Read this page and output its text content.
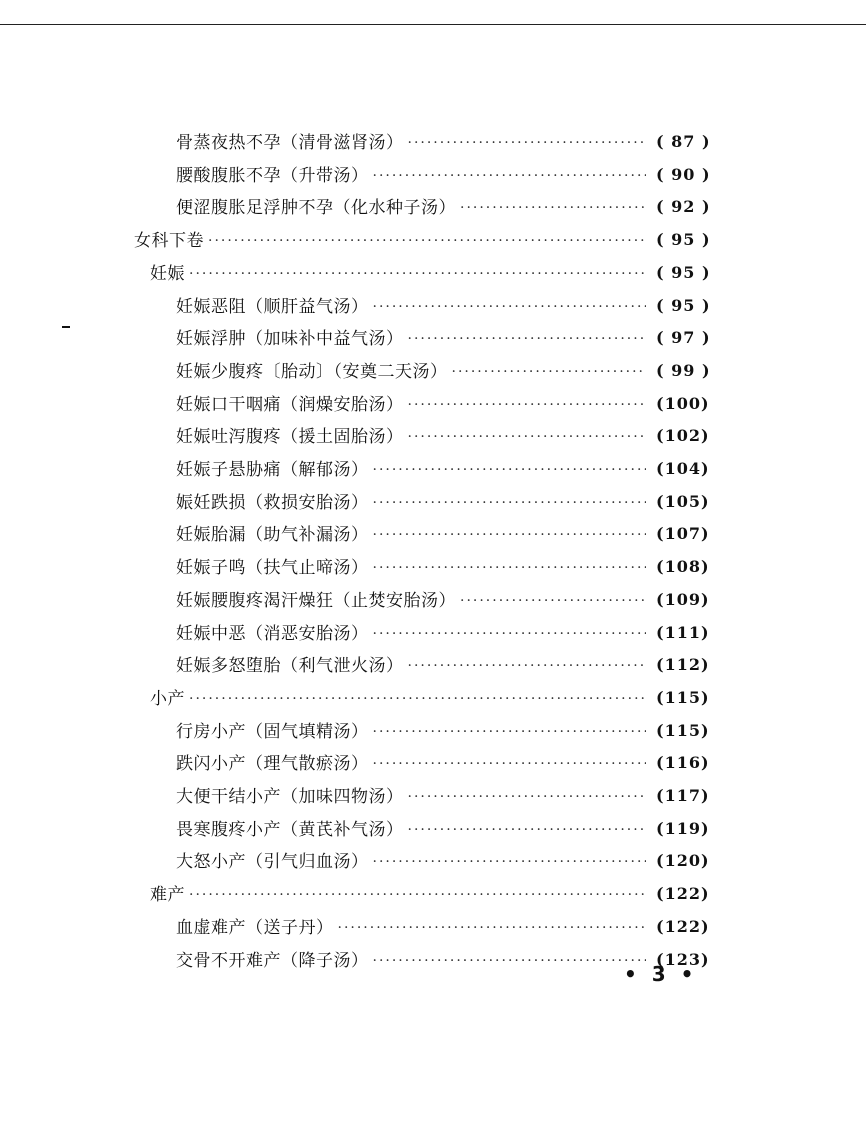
骨蒸夜热不孕（清骨滋肾汤） ·····	( 87 )
腰酸腹胀不孕（升带汤） ·····	( 90 )
便涩腹胀足浮肿不孕（化水种子汤） ·····	( 92 )
女科下卷 ·····	( 95 )
妊娠 ·····	( 95 )
妊娠恶阻（顺肝益气汤） ·····	( 95 )
妊娠浮肿（加味补中益气汤） ·····	( 97 )
妊娠少腹疼〔胎动〕（安奠二天汤） ·····	( 99 )
妊娠口干咽痛（润燥安胎汤） ·····	(100)
妊娠吐泻腹疼（援土固胎汤） ·····	(102)
妊娠子悬胁痛（解郁汤） ·····	(104)
娠妊跌损（救损安胎汤） ·····	(105)
妊娠胎漏（助气补漏汤） ·····	(107)
妊娠子鸣（扶气止啼汤） ·····	(108)
妊娠腰腹疼渴汗燥狂（止焚安胎汤） ·····	(109)
妊娠中恶（消恶安胎汤） ·····	(111)
妊娠多怒堕胎（利气泄火汤） ·····	(112)
小产 ·····	(115)
行房小产（固气填精汤） ·····	(115)
跌闪小产（理气散瘀汤） ·····	(116)
大便干结小产（加味四物汤） ·····	(117)
畏寒腹疼小产（黄芪补气汤） ·····	(119)
大怒小产（引气归血汤） ·····	(120)
难产 ·····	(122)
血虚难产（送子丹） ·····	(122)
交骨不开难产（降子汤） ·····	(123)
• 3 •
